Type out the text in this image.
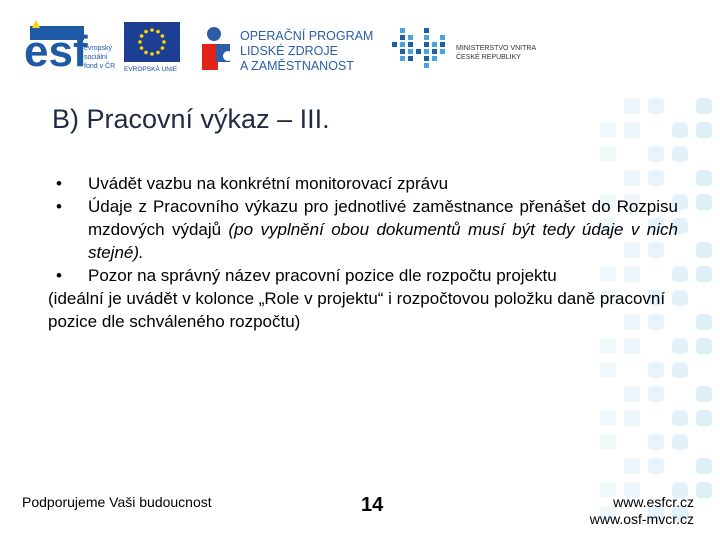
esf
evropský
sociální
fond v ČR EVROPSKÁ UNIE
OPERAČNÍ PROGRAM
LIDSKÉ ZDROJE
A ZAMĚSTNANOST
MINISTERSTVO VNITRA
ČESKÉ REPUBLIKY
B) Pracovní výkaz – III.
• Uvádět vazbu na konkrétní monitorovací zprávu
• Údaje z Pracovního výkazu pro jednotlivé zaměstnance přenášet do Rozpisu mzdových výdajů (po vyplnění obou dokumentů musí být tedy údaje v nich stejné).
• Pozor na správný název pracovní pozice dle rozpočtu projektu
(ideální je uvádět v kolonce „Role v projektu“ i rozpočtovou položku daně pracovní pozice dle schváleného rozpočtu)
Podporujeme Vaši budoucnost	14	www.esfcr.cz
www.osf-mvcr.cz
